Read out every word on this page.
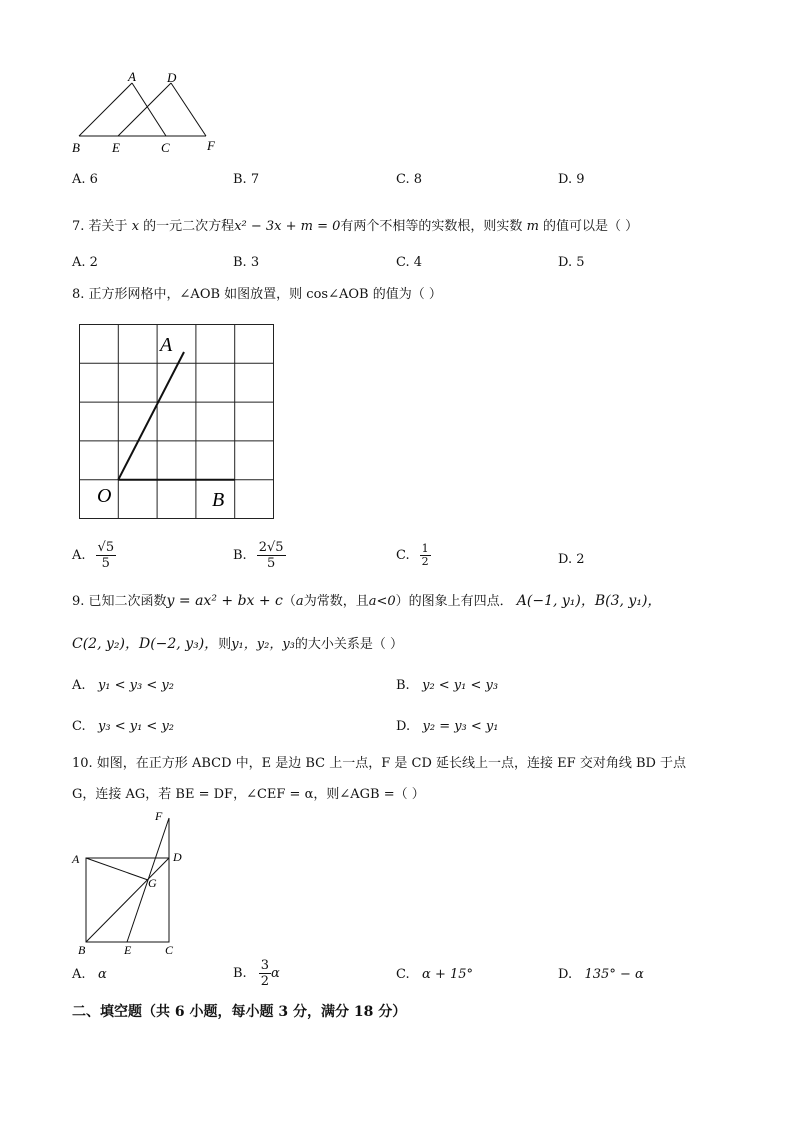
A D
B E	C	F
A. 6	B. 7	C. 8	D. 9
7. 若关于 x 的一元二次方程x² − 3x + m = 0有两个不相等的实数根，则实数 m 的值可以是（ ）
A. 2	B. 3	C. 4	D. 5
8. 正方形网格中，∠AOB 如图放置，则 cos∠AOB 的值为（ ）
A
O	B
A. $\frac{√5}{5}$	B. $\frac{2√5}{5}$	C. $\frac{1}{2}$	D. 2
9. 已知二次函数y = ax² + bx + c（a为常数，且a<0）的图象上有四点． A(−1, y₁)，B(3, y₁)，
C(2, y₂)，D(−2, y₃)，则y₁，y₂，y₃的大小关系是（ ）
A. y₁ < y₃ < y₂	B. y₂ < y₁ < y₃
C. y₃ < y₁ < y₂	D. y₂ = y₃ < y₁
10. 如图，在正方形 ABCD 中，E 是边 BC 上一点，F 是 CD 延长线上一点，连接 EF 交对角线 BD 于点
G，连接 AG，若 BE = DF，∠CEF = α，则∠AGB =（ ）
F
A	D
G
B	E	C
A. α	B. $\frac{3}{2}$ α	C. α + 15°	D. 135° − α
二、填空题（共 6 小题，每小题 3 分，满分 18 分）
